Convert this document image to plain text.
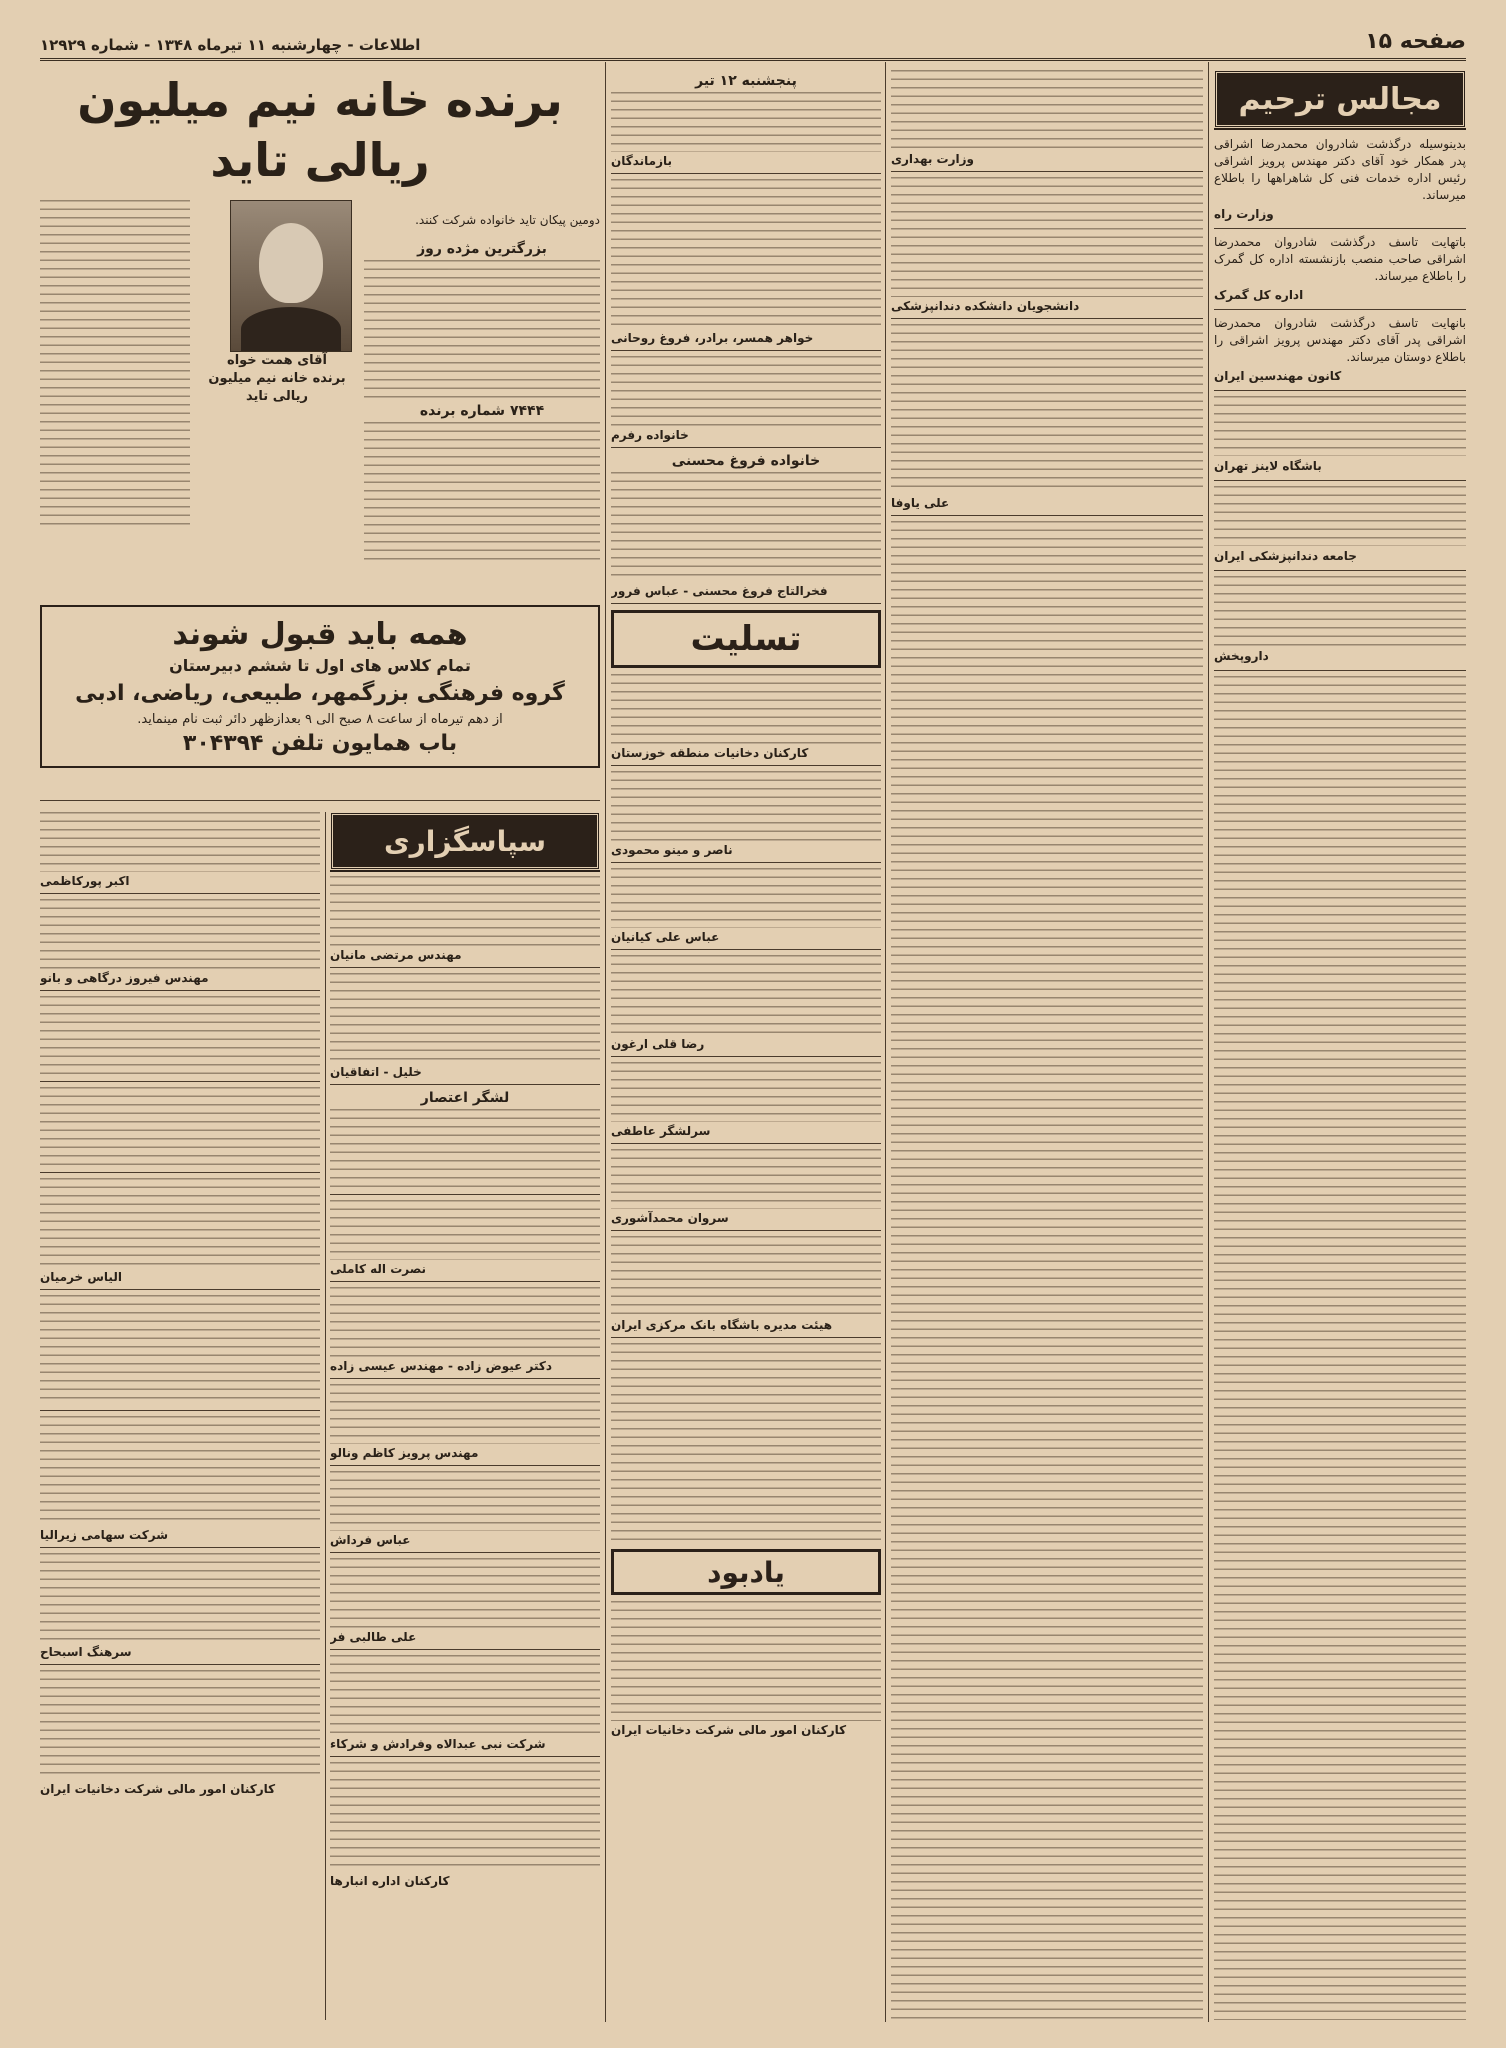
صفحه ۱۵
اطلاعات - چهارشنبه ۱۱ تیرماه ۱۳۴۸ - شماره ۱۲۹۲۹
مجالس ترحیم

بدینوسیله درگذشت شادروان محمدرضا اشراقی پدر همکار خود آقای دکتر مهندس پرویز اشراقی رئیس اداره خدمات فنی کل شاهراهها را باطلاع میرساند.

وزارت راه

باتهایت تاسف درگذشت شادروان محمدرضا اشراقی صاحب منصب بازنشسته اداره کل گمرک را باطلاع میرساند.

اداره کل گمرک

بانهایت تاسف درگذشت شادروان محمدرضا اشراقی پدر آقای دکتر مهندس پرویز اشراقی را باطلاع دوستان میرساند.

کانون مهندسین ایران
باشگاه لاینز تهران
جامعه دندانپزشکی ایران
داروپخش
وزارت بهداری
دانشجویان دانشکده دندانپزشکی
علی یاوفا
پنجشنبه ۱۲ تیر
بازماندگان
خواهر همسر، برادر، فروغ روحانی
خانواده رفرم
خانواده فروغ محسنی
فخرالتاج فروغ محسنی - عباس فرور
تسلیت
کارکنان دخانیات منطقه خوزستان
ناصر و مینو محمودی
عباس علی کیانیان
رضا قلی ارغون
سرلشگر عاطفی
سروان محمدآشوری
هیئت مدیره باشگاه بانک مرکزی ایران
یادبود
کارکنان امور مالی شرکت دخانیات ایران
برنده خانه نیم میلیون
ریالی تاید

دومین پیکان تاید خانواده شرکت کنند.

بزرگترین مژده روز
۷۴۴۴ شماره برنده
آقای همت خواه
برنده خانه نیم میلیون ریالی تاید
همه باید قبول شوند
تمام کلاس های اول تا ششم دبیرستان
گروه فرهنگی بزرگمهر، طبیعی، ریاضی، ادبی
از دهم تیرماه از ساعت ۸ صبح الی ۹ بعدازظهر دائر ثبت نام مینماید.
باب همایون تلفن ۳۰۴۳۹۴
سپاسگزاری
مهندس مرتضی مانیان
خلیل - اتفاقیان
لشگر اعتصار
نصرت اله کاملی
دکتر عیوض زاده - مهندس عیسی زاده
مهندس پرویز کاظم ونالو
عباس فرداش
علی طالبی فر
شرکت نبی عبدالاه وفرادش و شرکاء
کارکنان اداره انبارها
اکبر پورکاظمی
مهندس فیروز درگاهی و بانو
الیاس خرمیان
شرکت سهامی زیرالیا
سرهنگ اسبحاح
کارکنان امور مالی شرکت دخانیات ایران
